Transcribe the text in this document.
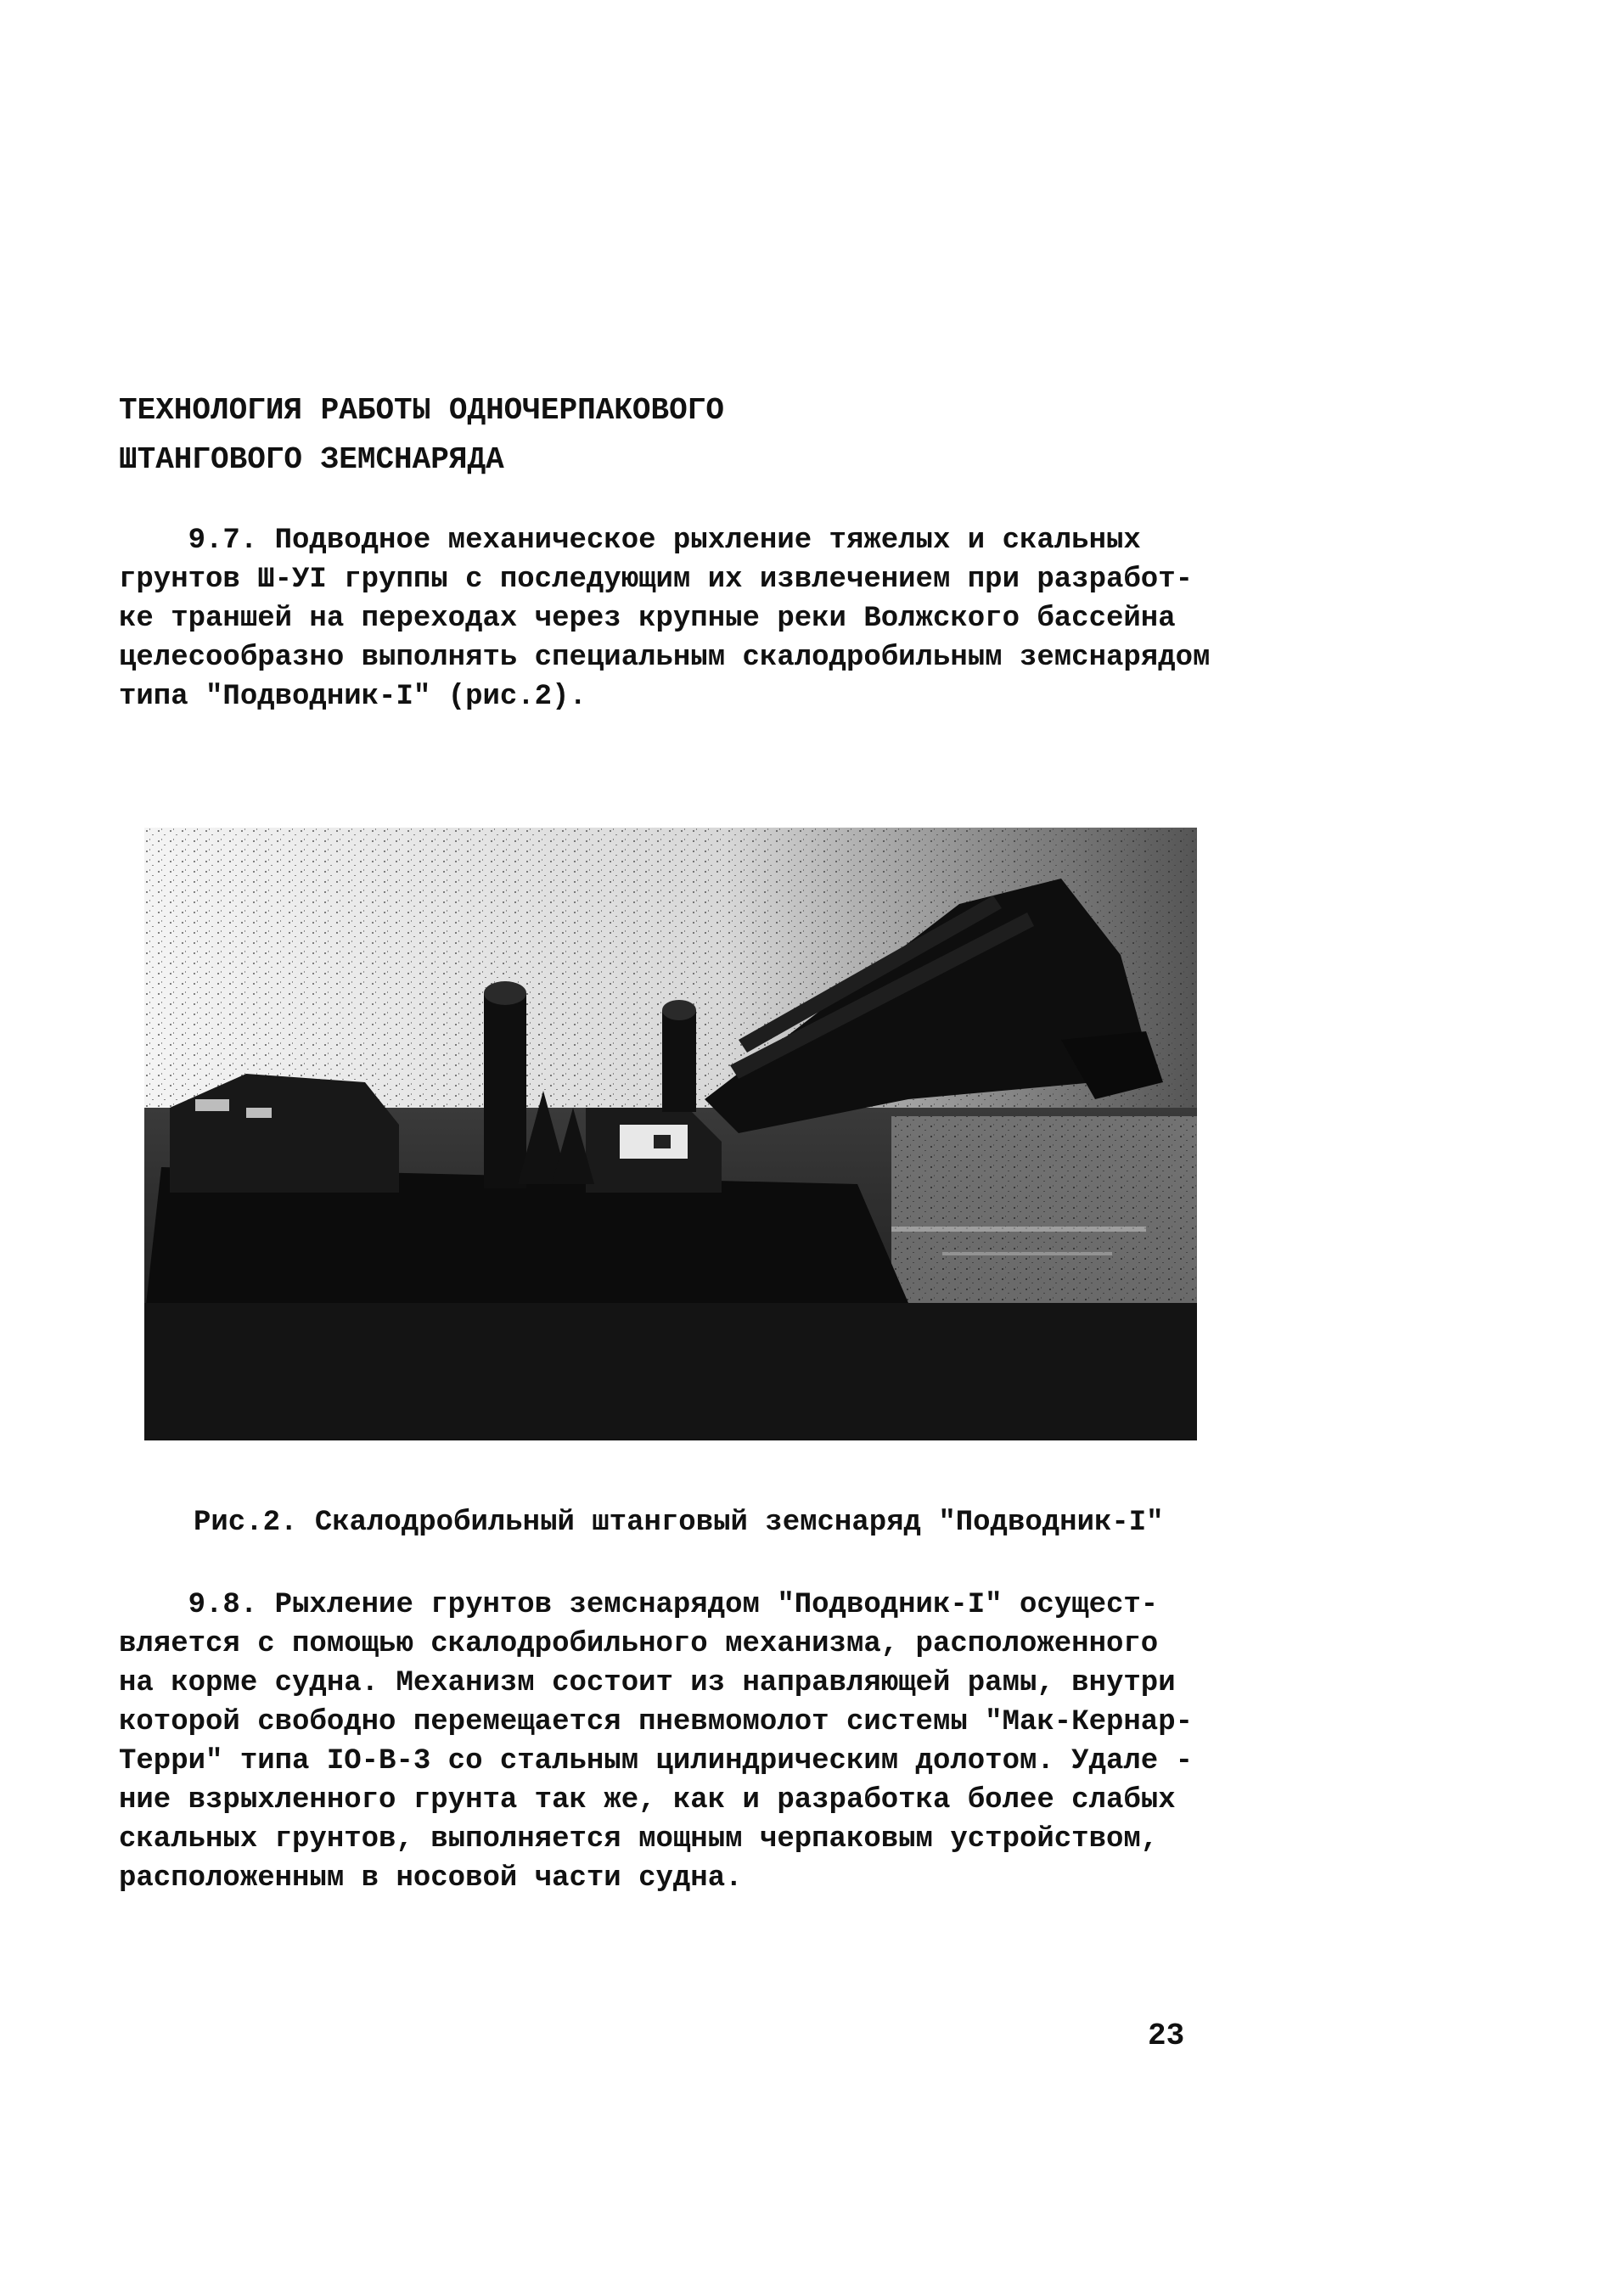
ТЕХНОЛОГИЯ РАБОТЫ ОДНОЧЕРПАКОВОГО
ШТАНГОВОГО ЗЕМСНАРЯДА
9.7. Подводное механическое рыхление тяжелых и скальных
грунтов Ш-УI группы с последующим их извлечением при разработ-
ке траншей на переходах через крупные реки Волжского бассейна
целесообразно выполнять специальным скалодробильным земснарядом
типа "Подводник-I" (рис.2).
Рис.2. Скалодробильный штанговый земснаряд "Подводник-I"
9.8. Рыхление грунтов земснарядом "Подводник-I" осущест-
вляется с помощью скалодробильного механизма, расположенного
на корме судна. Механизм состоит из направляющей рамы, внутри
которой свободно перемещается пневмомолот системы "Мак-Кернар-
Терри" типа IO-B-3 со стальным цилиндрическим долотом. Удале -
ние взрыхленного грунта так же, как и разработка более слабых
скальных грунтов, выполняется мощным черпаковым устройством,
расположенным в носовой части судна.
23
